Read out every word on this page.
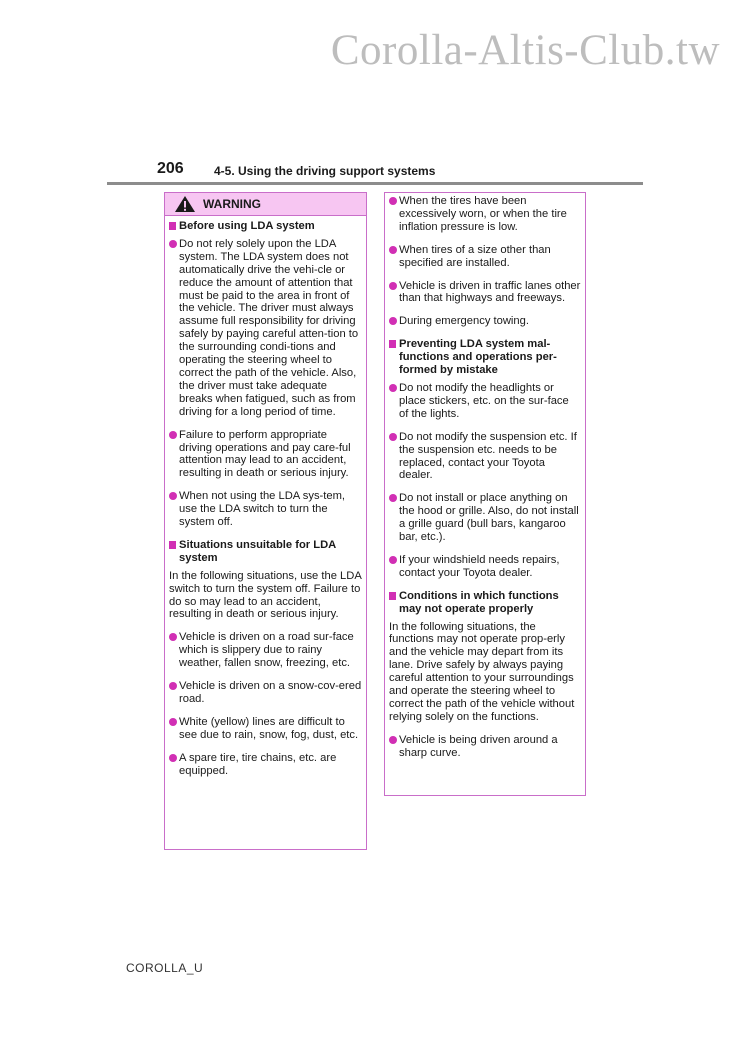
Corolla-Altis-Club.tw
206	4-5. Using the driving support systems
WARNING
Before using LDA system
Do not rely solely upon the LDA system. The LDA system does not automatically drive the vehi-cle or reduce the amount of attention that must be paid to the area in front of the vehicle. The driver must always assume full responsibility for driving safely by paying careful atten-tion to the surrounding condi-tions and operating the steering wheel to correct the path of the vehicle. Also, the driver must take adequate breaks when fatigued, such as from driving for a long period of time.
Failure to perform appropriate driving operations and pay care-ful attention may lead to an accident, resulting in death or serious injury.
When not using the LDA sys-tem, use the LDA switch to turn the system off.
Situations unsuitable for LDA system
In the following situations, use the LDA switch to turn the system off. Failure to do so may lead to an accident, resulting in death or serious injury.
Vehicle is driven on a road sur-face which is slippery due to rainy weather, fallen snow, freezing, etc.
Vehicle is driven on a snow-cov-ered road.
White (yellow) lines are difficult to see due to rain, snow, fog, dust, etc.
A spare tire, tire chains, etc. are equipped.
When the tires have been excessively worn, or when the tire inflation pressure is low.
When tires of a size other than specified are installed.
Vehicle is driven in traffic lanes other than that highways and freeways.
During emergency towing.
Preventing LDA system mal-functions and operations per-formed by mistake
Do not modify the headlights or place stickers, etc. on the sur-face of the lights.
Do not modify the suspension etc. If the suspension etc. needs to be replaced, contact your Toyota dealer.
Do not install or place anything on the hood or grille. Also, do not install a grille guard (bull bars, kangaroo bar, etc.).
If your windshield needs repairs, contact your Toyota dealer.
Conditions in which functions may not operate properly
In the following situations, the functions may not operate prop-erly and the vehicle may depart from its lane. Drive safely by always paying careful attention to your surroundings and operate the steering wheel to correct the path of the vehicle without relying solely on the functions.
Vehicle is being driven around a sharp curve.
COROLLA_U
